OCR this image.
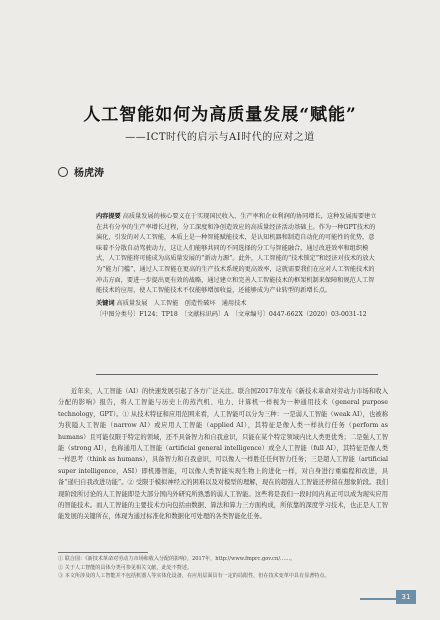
人工智能如何为高质量发展“赋能”
——ICT时代的启示与AI时代的应对之道
杨虎涛
内容提要 高质量发展的核心要义在于实现国民收入、生产率和企业利润的协同增长，这种发展需要建立在共有分享的生产率增长过程，分工深度和净创造效应的高质量经济活动基础上。作为一种GPT技术的演化，引发的对人工智能，本质上是一种智能赋能技术，是认知机器和制造自动化的可能性的优势，意味着不分散自动驾驶动力，这让人们能够共同的不同选择的分工与智能融合，通过改进效率和组织模式，人工智能将可能成为高质量发展的“新动力源”。此外，人工智能的“技术锁定”和经济对技术的放大为“能力门槛”，通过人工智能在更高的生产技术系统的更高效率，这就需要我们在应对人工智能技术的冲击方面，要进一步提出更有效的战略，通过建立和完善人工智能技术的框架机制来保障和规范人工智能技术的应用，使人工智能技术不仅能够增加收益，还能够成为产业转型的新增长点。
关键词 高质量发展　人工智能　创造性破坏　通用技术
〔中图分类号〕F124；TP18　〔文献标识码〕A　〔文章编号〕0447-662X（2020）03-0031-12
近年来，人工智能（AI）的快速发展引起了各方广泛关注。联合国2017年发布《新技术革命对劳动力市场和收入分配的影响》报告，将人工智能与历史上的蒸汽机、电力、计算机一样视为一种通用技术（general purpose technology，GPT）。① 从技术特征和应用范围来看，人工智能可以分为三种：一是弱人工智能（weak AI），也被称为狭隘人工智能（narrow AI）或应用人工智能（applied AI），其特征是像人类一样执行任务（perform as humans）且可能仅限于特定的领域，还不具备智力和自我意识，只能在某个特定领域内比人类更优秀；二是强人工智能（strong AI），也称通用人工智能（artificial general intelligence）或全人工智能（full AI），其特征是像人类一样思考（think as humans），具备智力和自我意识，可以像人一样胜任任何智力任务；三是超人工智能（artificial super intelligence，ASI）即机器智能，可以像人类智能实现生物上的进化一样，对自身进行重编程和改进，具备“递归自我改进功能”。② 受限于模拟神经元的困难以及对模型的理解，现在的超强人工智能还停留在想象阶段。我们现阶段所讨论的人工智能即是大部分国内外研究所熟悉的弱人工智能。这些将是我们一段时间内真正可以成为现实应用的智能技术。而人工智能的主要技术方向包括由数据、算法和算力三方面构成，所依靠的深度学习技术，也正是人工智能发展的关键所在，体现为通过标准化和数据化可处理的各类智能化任务。
① 联合国：《新技术革命对劳动力市场和收入分配的影响》，2017年，http://www.fmprc.gov.cn/……。
② 关于人工智能的具体分类可参见相关文献，此处不赘述。
③ 本文所涉及的人工智能并不包括机器人等实体化设备，在应用层面具有一定的局限性，但在技术变革中具有显著特点。
31
